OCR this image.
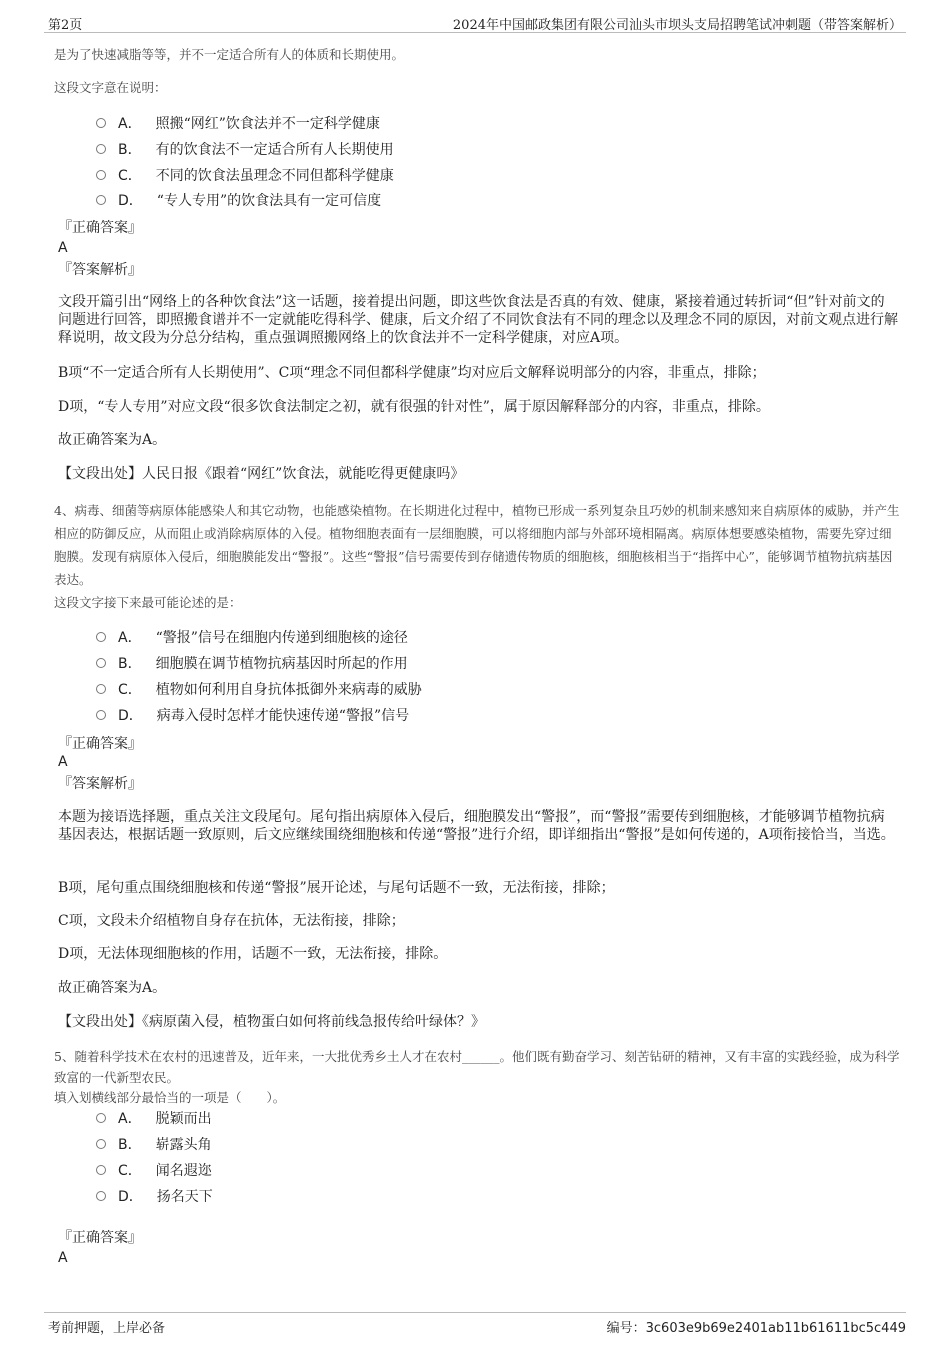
第2页	2024年中国邮政集团有限公司汕头市坝头支局招聘笔试冲刺题（带答案解析）
是为了快速减脂等等，并不一定适合所有人的体质和长期使用。
这段文字意在说明：
A． 照搬“网红”饮食法并不一定科学健康
B． 有的饮食法不一定适合所有人长期使用
C． 不同的饮食法虽理念不同但都科学健康
D． “专人专用”的饮食法具有一定可信度
『正确答案』
A
『答案解析』
文段开篇引出“网络上的各种饮食法”这一话题，接着提出问题，即这些饮食法是否真的有效、健康，紧接着通过转折词“但”针对前文的问题进行回答，即照搬食谱并不一定就能吃得科学、健康，后文介绍了不同饮食法有不同的理念以及理念不同的原因，对前文观点进行解释说明，故文段为分总分结构，重点强调照搬网络上的饮食法并不一定科学健康，对应A项。
B项“不一定适合所有人长期使用”、C项“理念不同但都科学健康”均对应后文解释说明部分的内容，非重点，排除；
D项，“专人专用”对应文段“很多饮食法制定之初，就有很强的针对性”，属于原因解释部分的内容，非重点，排除。
故正确答案为A。
【文段出处】人民日报《跟着“网红”饮食法，就能吃得更健康吗》
4、病毒、细菌等病原体能感染人和其它动物，也能感染植物。在长期进化过程中，植物已形成一系列复杂且巧妙的机制来感知来自病原体的威胁，并产生相应的防御反应，从而阻止或消除病原体的入侵。植物细胞表面有一层细胞膜，可以将细胞内部与外部环境相隔离。病原体想要感染植物，需要先穿过细胞膜。发现有病原体入侵后，细胞膜能发出“警报”。这些“警报”信号需要传到存储遗传物质的细胞核，细胞核相当于“指挥中心”，能够调节植物抗病基因表达。
这段文字接下来最可能论述的是：
A． “警报”信号在细胞内传递到细胞核的途径
B． 细胞膜在调节植物抗病基因时所起的作用
C． 植物如何利用自身抗体抵御外来病毒的威胁
D． 病毒入侵时怎样才能快速传递“警报”信号
『正确答案』
A
『答案解析』
本题为接语选择题，重点关注文段尾句。尾句指出病原体入侵后，细胞膜发出“警报”，而“警报”需要传到细胞核，才能够调节植物抗病基因表达，根据话题一致原则，后文应继续围绕细胞核和传递“警报”进行介绍，即详细指出“警报”是如何传递的，A项衔接恰当，当选。
B项，尾句重点围绕细胞核和传递“警报”展开论述，与尾句话题不一致，无法衔接，排除；
C项，文段未介绍植物自身存在抗体，无法衔接，排除；
D项，无法体现细胞核的作用，话题不一致，无法衔接，排除。
故正确答案为A。
【文段出处】《病原菌入侵，植物蛋白如何将前线急报传给叶绿体？》
5、随着科学技术在农村的迅速普及，近年来，一大批优秀乡土人才在农村______。他们既有勤奋学习、刻苦钻研的精神，又有丰富的实践经验，成为科学致富的一代新型农民。
填入划横线部分最恰当的一项是（　　）。
A． 脱颖而出
B． 崭露头角
C． 闻名遐迩
D． 扬名天下
『正确答案』
A
考前押题，上岸必备	编号：3c603e9b69e2401ab11b61611bc5c449
